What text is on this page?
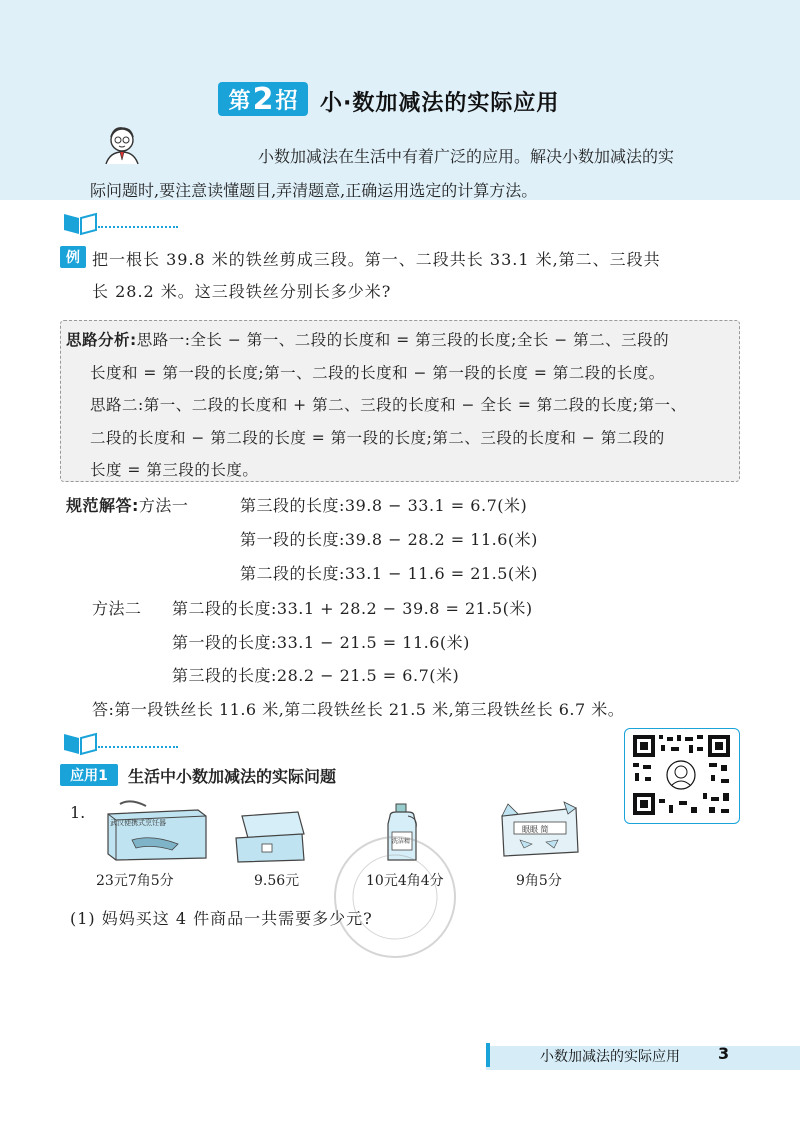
第 2 招 小·数加减法的实际应用
小数加减法在生活中有着广泛的应用。解决小数加减法的实
际问题时,要注意读懂题目,弄清题意,正确运用选定的计算方法。
例 把一根长 39.8 米的铁丝剪成三段。第一、二段共长 33.1 米,第二、三段共
长 28.2 米。这三段铁丝分别长多少米?
思路分析:思路一:全长 − 第一、二段的长度和 = 第三段的长度;全长 − 第二、三段的
长度和 = 第一段的长度;第一、二段的长度和 − 第一段的长度 = 第二段的长度。
思路二:第一、二段的长度和 + 第二、三段的长度和 − 全长 = 第二段的长度;第一、
二段的长度和 − 第二段的长度 = 第一段的长度;第二、三段的长度和 − 第二段的
长度 = 第三段的长度。
规范解答:方法一	第三段的长度:39.8 − 33.1 = 6.7(米)
第一段的长度:39.8 − 28.2 = 11.6(米)
第二段的长度:33.1 − 11.6 = 21.5(米)
方法二 第二段的长度:33.1 + 28.2 − 39.8 = 21.5(米)
第一段的长度:33.1 − 21.5 = 11.6(米)
第三段的长度:28.2 − 21.5 = 6.7(米)
答:第一段铁丝长 11.6 米,第二段铁丝长 21.5 米,第三段铁丝长 6.7 米。
应用1	生活中小数加减法的实际问题
1.
武汉便携式烹饪器
23元7角5分	9.56元
洗洁精
10元4角4分
眼眼 简
9角5分
(1) 妈妈买这 4 件商品一共需要多少元?
小数加减法的实际应用 3
